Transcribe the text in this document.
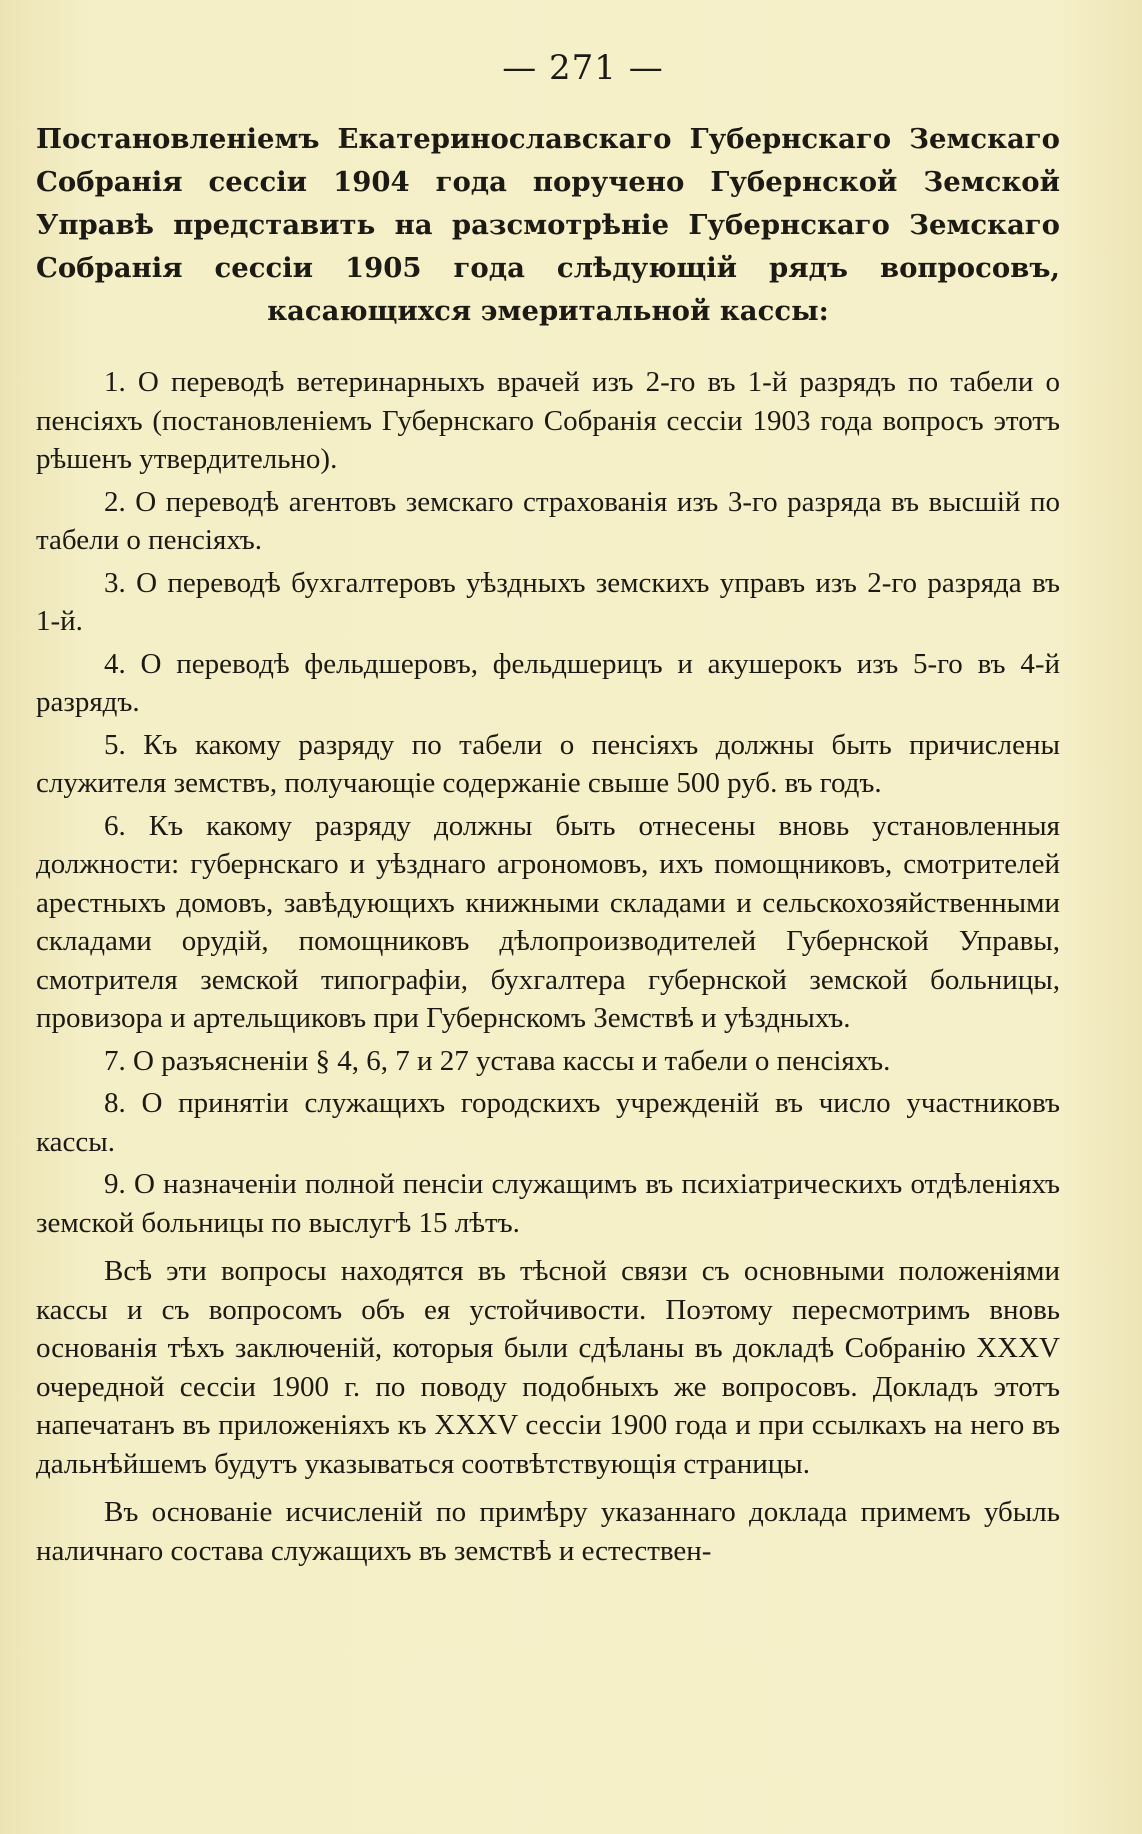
— 271 —

Постановленіемъ Екатеринославскаго Губернскаго Земскаго Собранія сессіи 1904 года поручено Губернской Земской Управѣ представить на разсмотрѣніе Губернскаго Земскаго Собранія сессіи 1905 года слѣдующій рядъ вопросовъ, касающихся эмеритальной кассы:

1. О переводѣ ветеринарныхъ врачей изъ 2-го въ 1-й разрядъ по табели о пенсіяхъ (постановленіемъ Губернскаго Собранія сессіи 1903 года вопросъ этотъ рѣшенъ утвердительно).

2. О переводѣ агентовъ земскаго страхованія изъ 3-го разряда въ высшій по табели о пенсіяхъ.

3. О переводѣ бухгалтеровъ уѣздныхъ земскихъ управъ изъ 2-го разряда въ 1-й.

4. О переводѣ фельдшеровъ, фельдшерицъ и акушерокъ изъ 5-го въ 4-й разрядъ.

5. Къ какому разряду по табели о пенсіяхъ должны быть причислены служителя земствъ, получающіе содержаніе свыше 500 руб. въ годъ.

6. Къ какому разряду должны быть отнесены вновь установленныя должности: губернскаго и уѣзднаго агрономовъ, ихъ помощниковъ, смотрителей арестныхъ домовъ, завѣдующихъ книжными складами и сельскохозяйственными складами орудій, помощниковъ дѣлопроизводителей Губернской Управы, смотрителя земской типографіи, бухгалтера губернской земской больницы, провизора и артельщиковъ при Губернскомъ Земствѣ и уѣздныхъ.

7. О разъясненіи § 4, 6, 7 и 27 устава кассы и табели о пенсіяхъ.

8. О принятіи служащихъ городскихъ учрежденій въ число участниковъ кассы.

9. О назначеніи полной пенсіи служащимъ въ психіатрическихъ отдѣленіяхъ земской больницы по выслугѣ 15 лѣтъ.

Всѣ эти вопросы находятся въ тѣсной связи съ основными положеніями кассы и съ вопросомъ объ ея устойчивости. Поэтому пересмотримъ вновь основанія тѣхъ заключеній, которыя были сдѣланы въ докладѣ Собранію XXXV очередной сессіи 1900 г. по поводу подобныхъ же вопросовъ. Докладъ этотъ напечатанъ въ приложеніяхъ къ XXXV сессіи 1900 года и при ссылкахъ на него въ дальнѣйшемъ будутъ указываться соотвѣтствующія страницы.

Въ основаніе исчисленій по примѣру указаннаго доклада примемъ убыль наличнаго состава служащихъ въ земствѣ и естествен-
